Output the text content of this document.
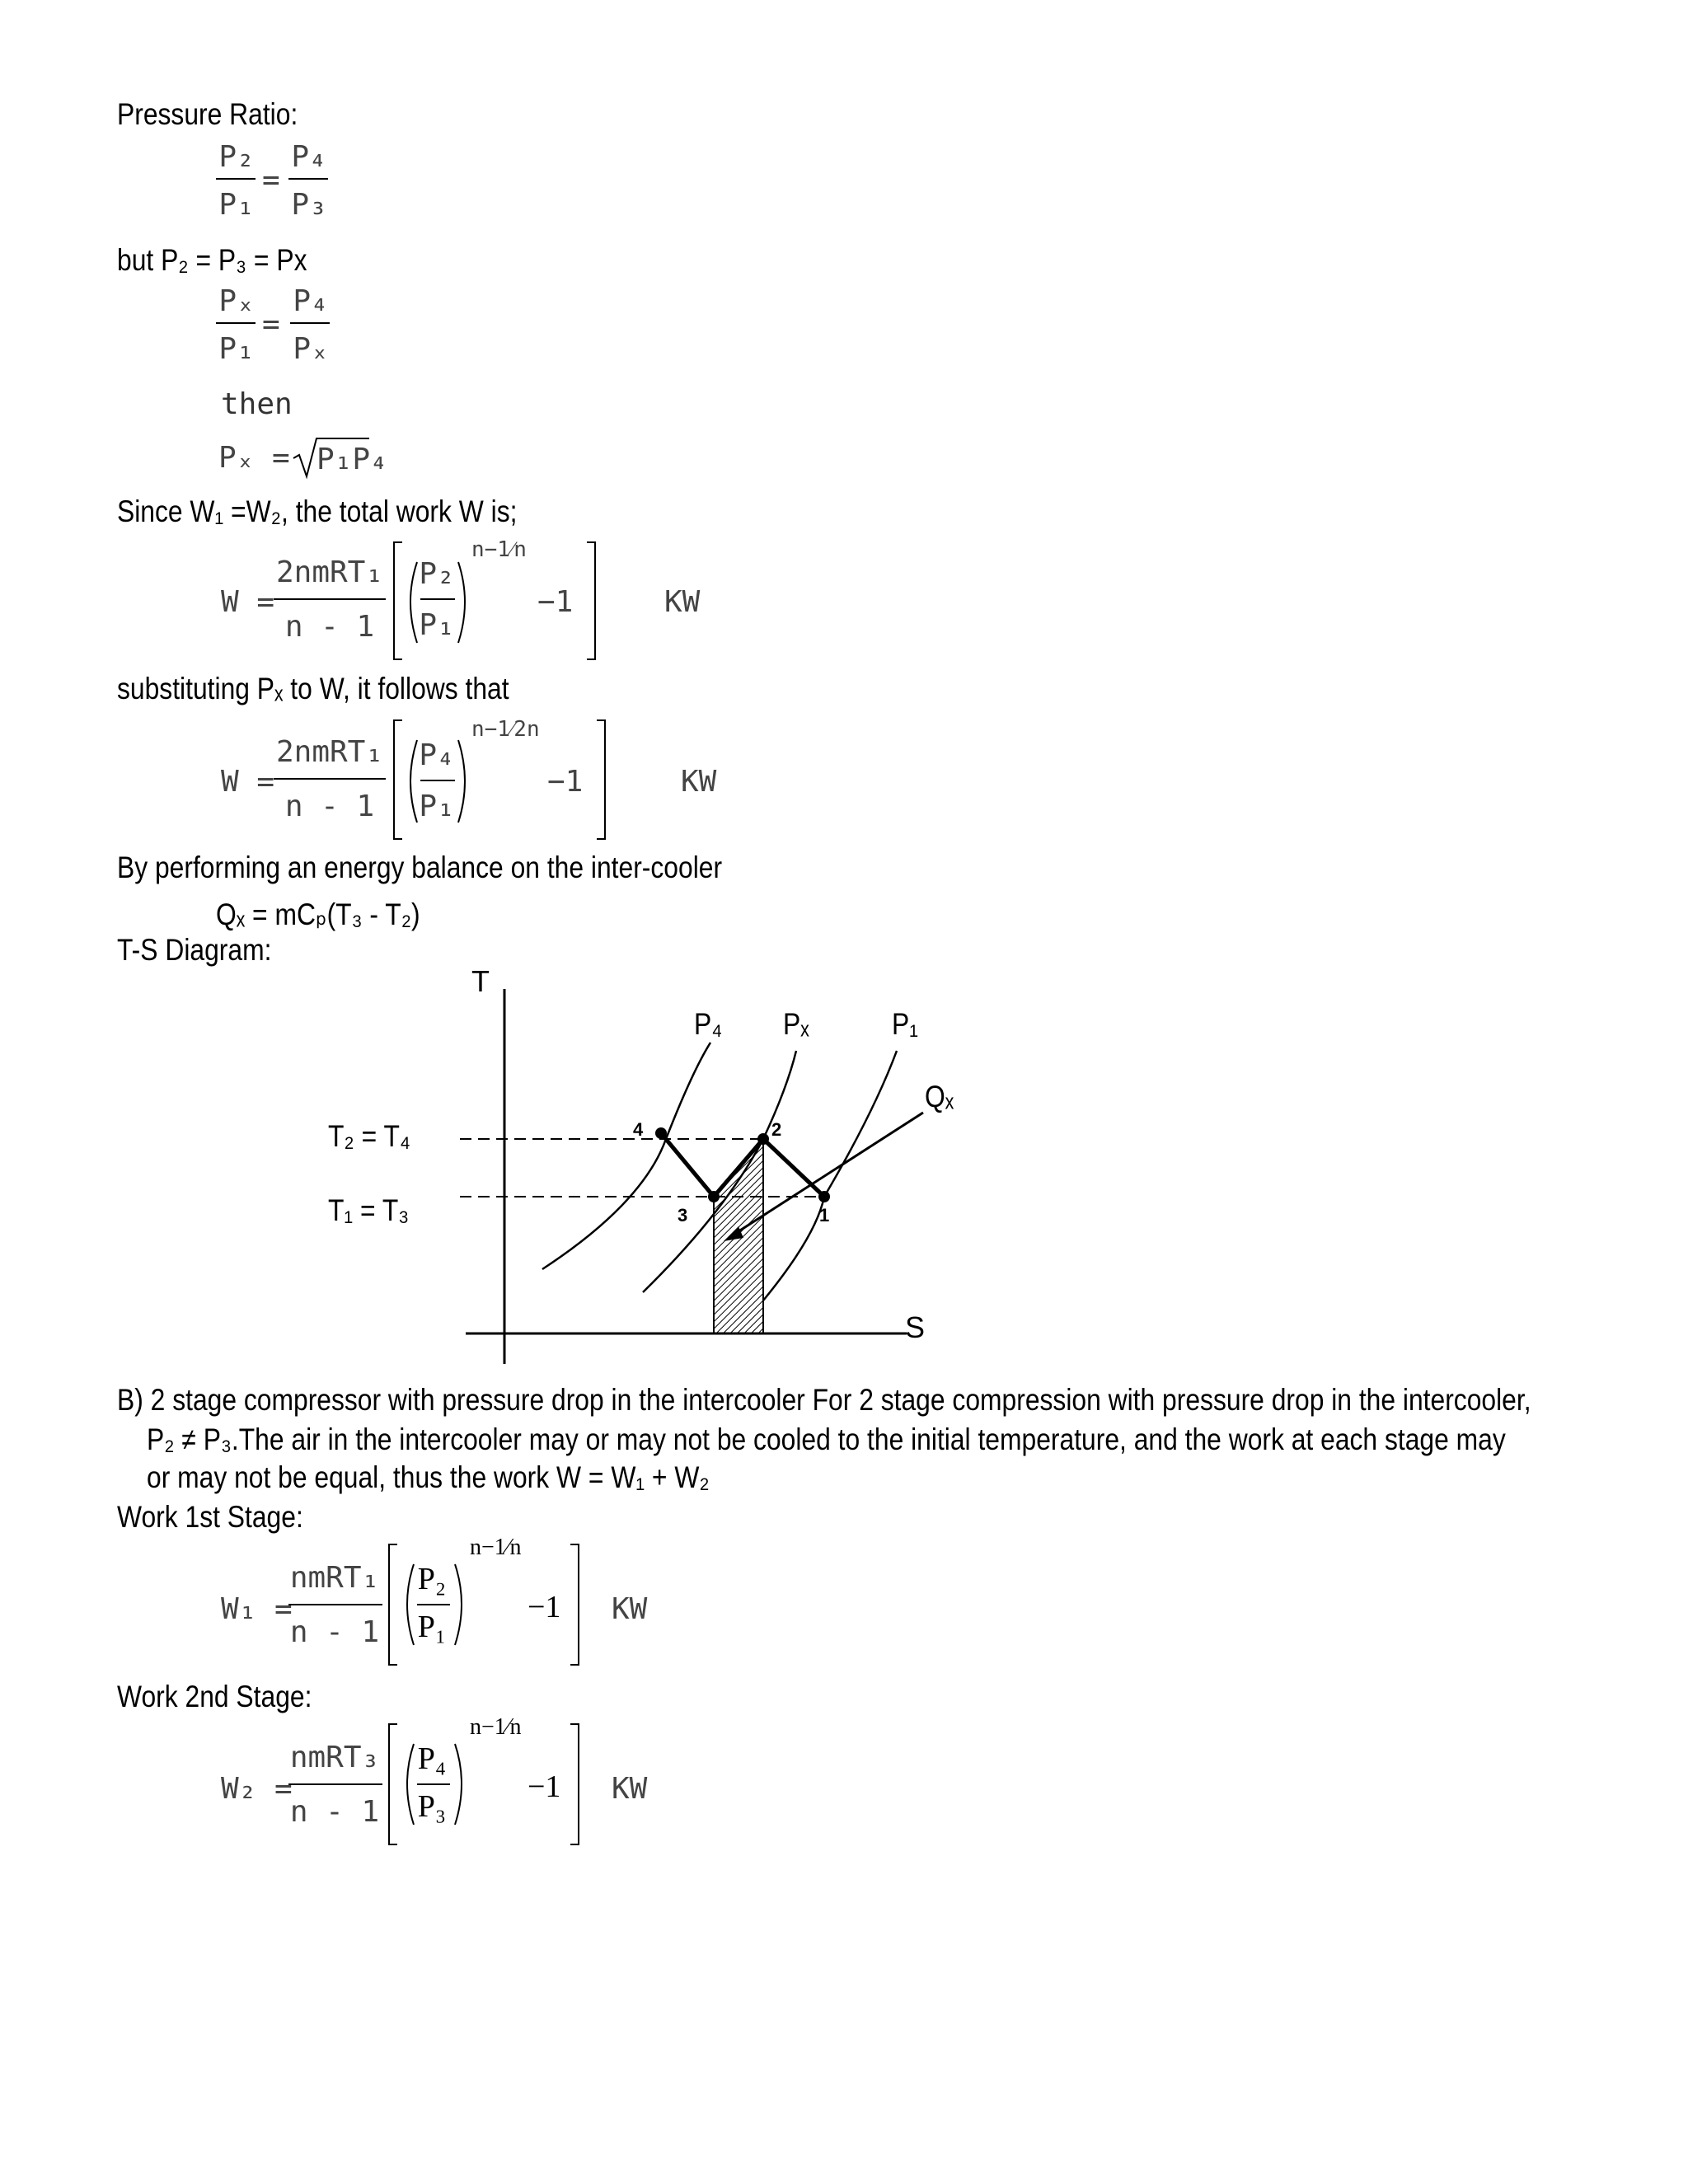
Pressure Ratio:
P₂
P₁
=
P₄
P₃
but P₂ = P₃ = Px
Pₓ
P₁
=
P₄
Pₓ
then
Pₓ = P₁P₄
Since W₁ =W₂, the total work W is;
W =
2nmRT₁
n - 1
P₂
P₁
n−1⁄n
−1	KW
substituting Pₓ to W, it follows that
W =
2nmRT₁
n - 1
P₄
P₁
n−1⁄2n
−1	KW
By performing an energy balance on the inter-cooler
Qₓ = mCₚ(T₃ - T₂)
T-S Diagram:
T
S
T₂ = T₄
T₁ = T₃
P₄ Pₓ	P₁
Qₓ
1
2
3
4
B) 2 stage compressor with pressure drop in the intercooler For 2 stage compression with pressure drop in the intercooler,
P₂ ≠ P₃.The air in the intercooler may or may not be cooled to the initial temperature, and the work at each stage may
or may not be equal, thus the work W = W₁ + W₂
Work 1st Stage:
W₁ =
nmRT₁
n - 1
P₂
P₁
n−1⁄n
−1 KW
Work 2nd Stage:
W₂ =
nmRT₃
n - 1
P₄
P₃
n−1⁄n
−1 KW
